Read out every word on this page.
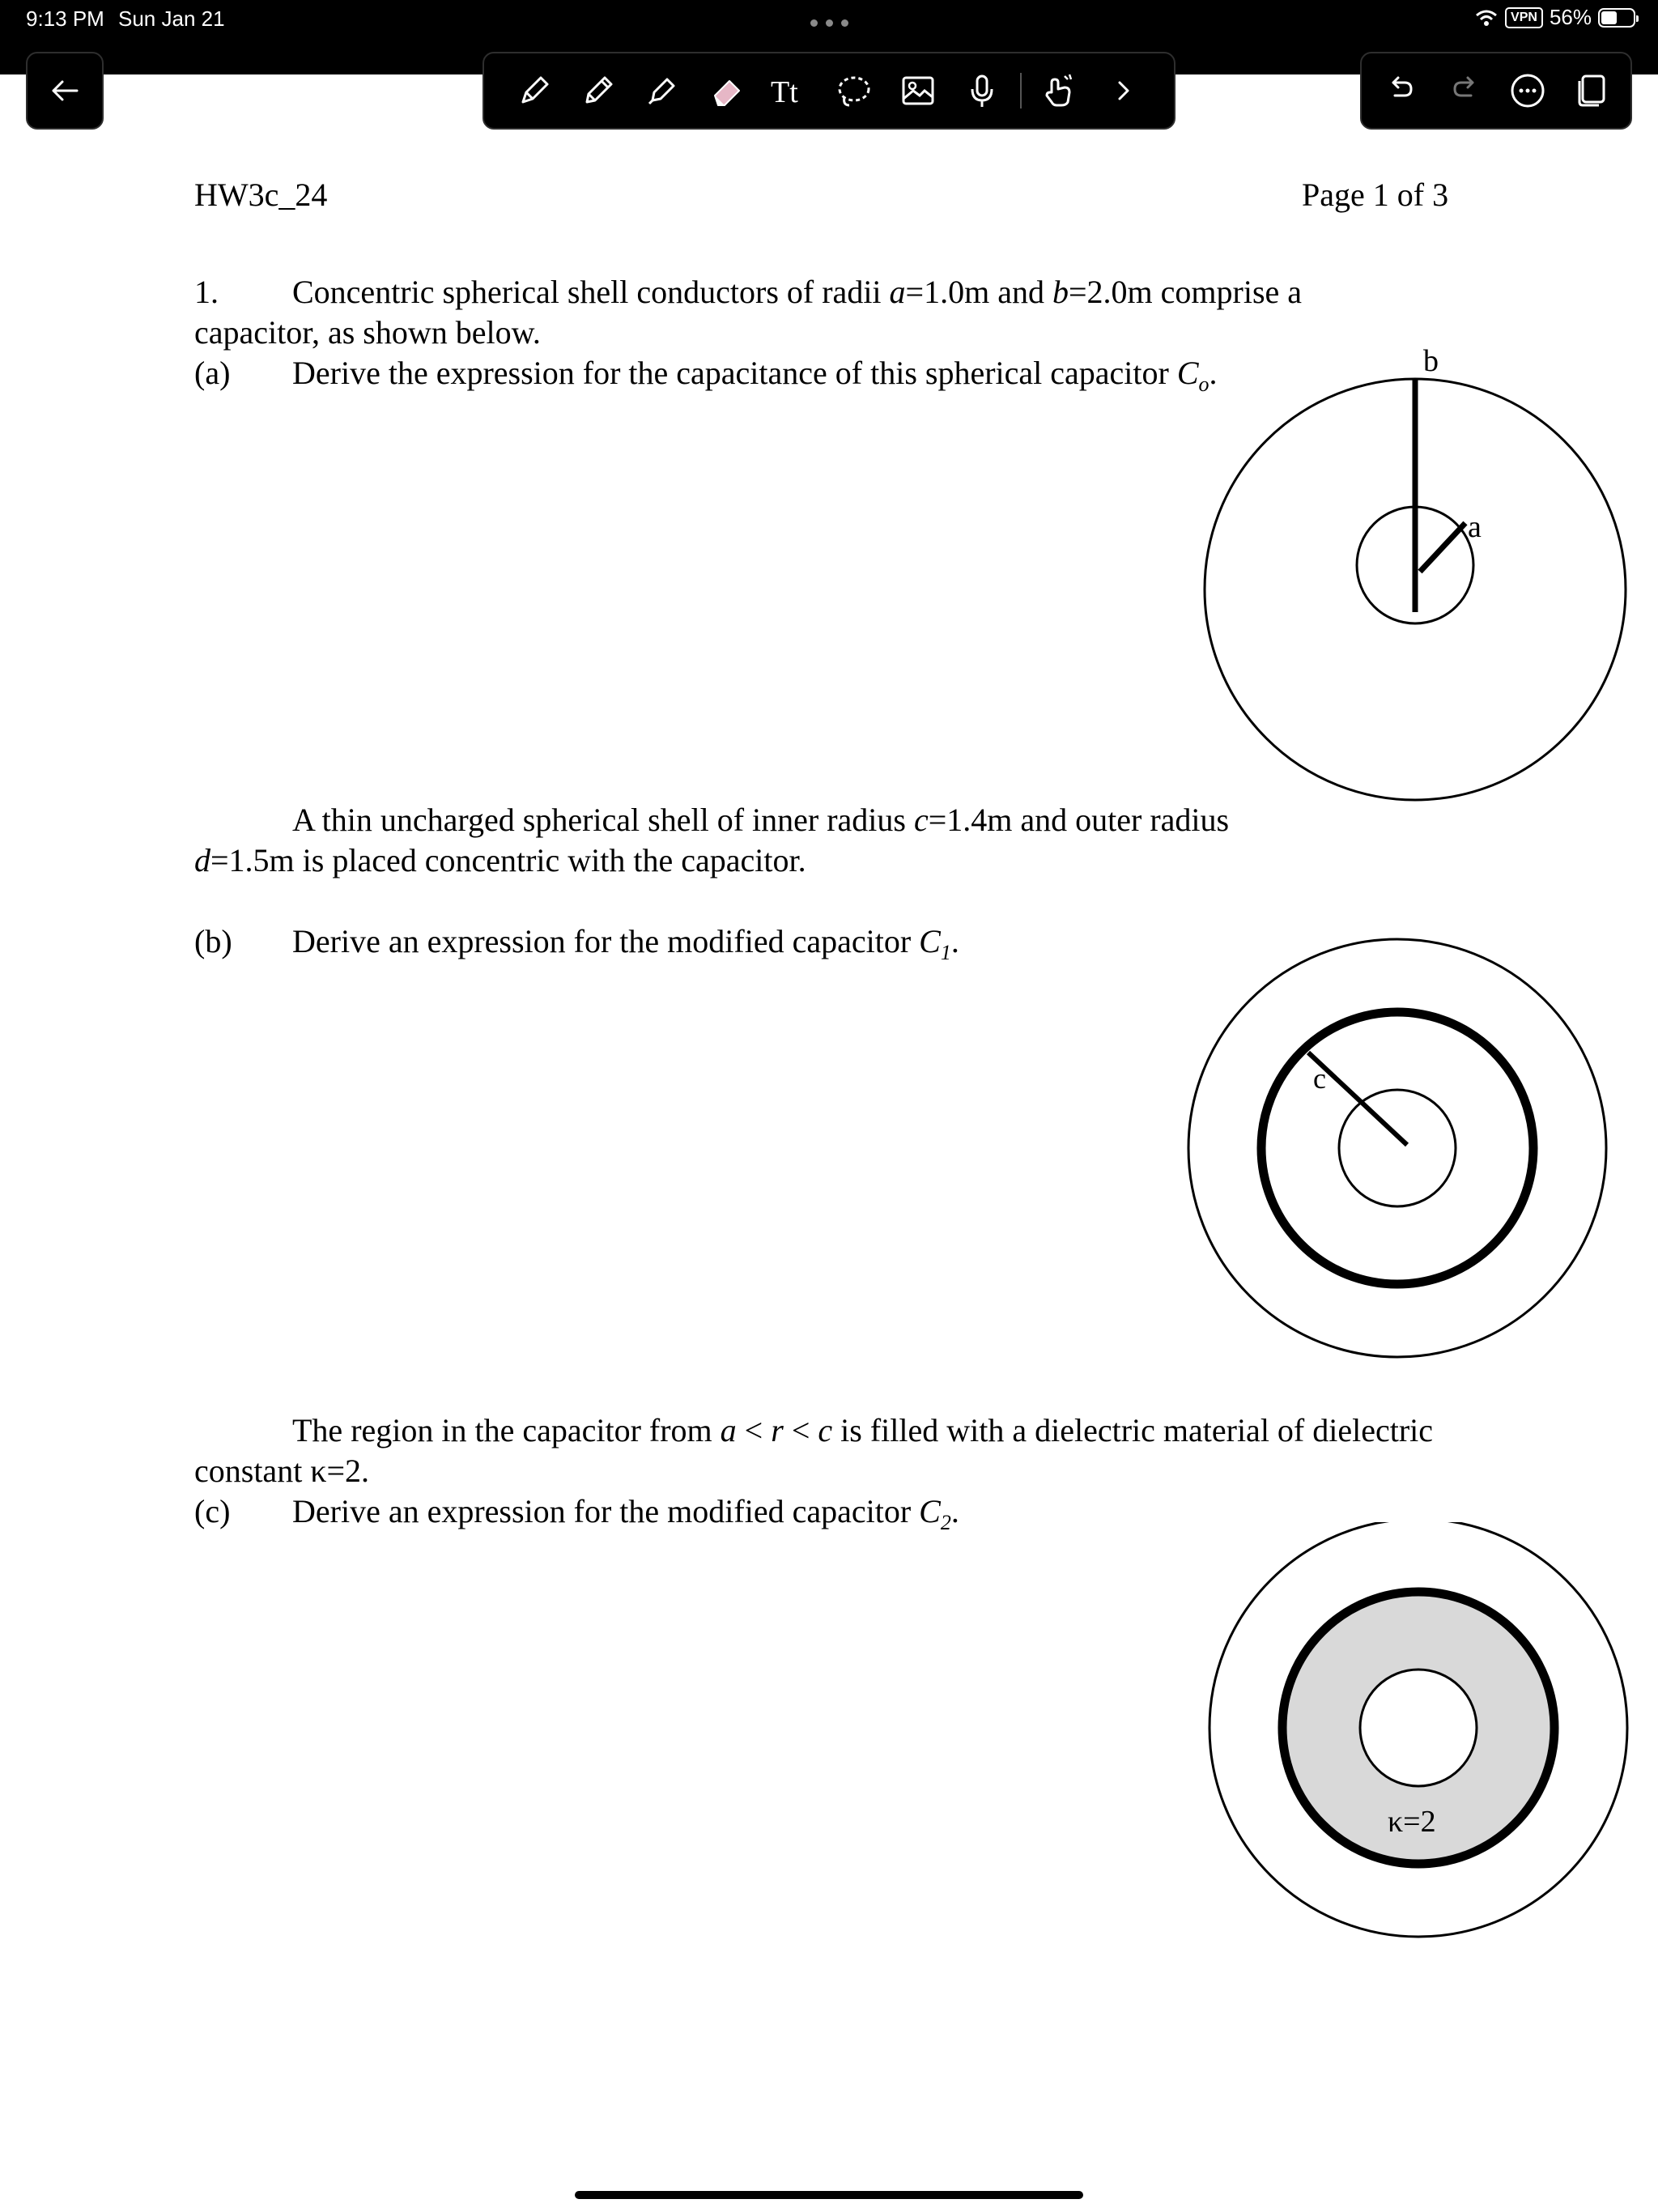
9:13 PM Sun Jan 21	VPN 56%
Tt
HW3c_24	Page 1 of 3
1. Concentric spherical shell conductors of radii a=1.0m and b=2.0m comprise a
capacitor, as shown below.
(a) Derive the expression for the capacitance of this spherical capacitor $C_o$.
A thin uncharged spherical shell of inner radius c=1.4m and outer radius
d=1.5m is placed concentric with the capacitor.
(b) Derive an expression for the modified capacitor $C_1$.
The region in the capacitor from a < r < c is filled with a dielectric material of dielectric
constant κ=2.
(c) Derive an expression for the modified capacitor $C_2$.
b
a
c
κ=2
